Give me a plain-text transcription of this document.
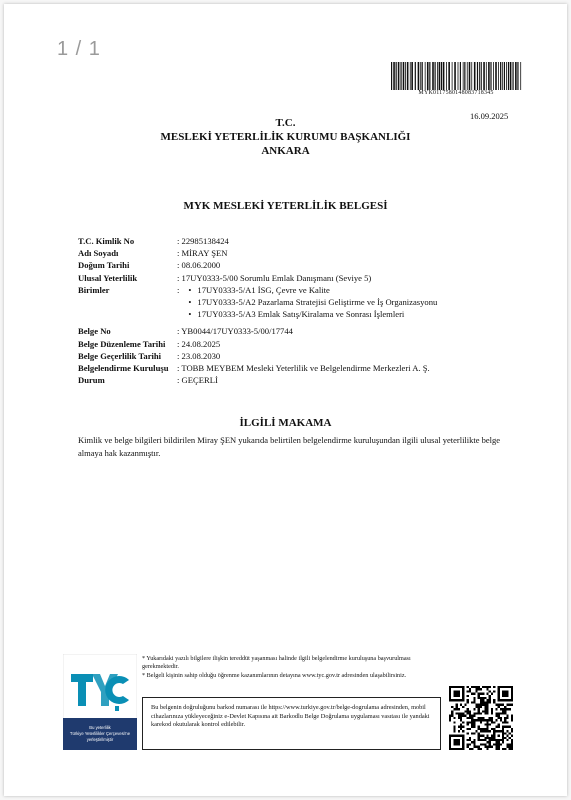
1 / 1
MYK0117580148083718345
16.09.2025
T.C.
MESLEKİ YETERLİLİK KURUMU BAŞKANLIĞI
ANKARA
MYK MESLEKİ YETERLİLİK BELGESİ
T.C. Kimlik No	: 22985138424
Adı Soyadı	: MİRAY ŞEN
Doğum Tarihi	: 08.06.2000
Ulusal Yeterlilik	: 17UY0333-5/00 Sorumlu Emlak Danışmanı (Seviye 5)
Birimler	:
• 17UY0333-5/A1 İSG, Çevre ve Kalite
• 17UY0333-5/A2 Pazarlama Stratejisi Geliştirme ve İş Organizasyonu
• 17UY0333-5/A3 Emlak Satış/Kiralama ve Sonrası İşlemleri
Belge No	: YB0044/17UY0333-5/00/17744
Belge Düzenleme Tarihi	: 24.08.2025
Belge Geçerlilik Tarihi	: 23.08.2030
Belgelendirme Kuruluşu : TOBB MEYBEM Mesleki Yeterlilik ve Belgelendirme Merkezleri A. Ş.
Durum	: GEÇERLİ
İLGİLİ MAKAMA
Kimlik ve belge bilgileri bildirilen Miray ŞEN yukarıda belirtilen belgelendirme kuruluşundan ilgili ulusal yeterlilikte belge almaya hak kazanmıştır.
Bu yeterlilik
Türkiye Yeterlilikler Çerçevesi'ne
yerleştirilmiştir
* Yukarıdaki yazılı bilgilere ilişkin tereddüt yaşanması halinde ilgili belgelendirme kuruluşuna başvurulması gerekmektedir.
* Belgeli kişinin sahip olduğu öğrenme kazanımlarının detayına www.tyc.gov.tr adresinden ulaşabilirsiniz.
Bu belgenin doğruluğunu barkod numarası ile https://www.turkiye.gov.tr/belge-dogrulama adresinden, mobil cihazlarınıza yükleyeceğiniz e-Devlet Kapısına ait Barkodlu Belge Doğrulama uygulaması vasıtası ile yandaki karekod okutularak kontrol edilebilir.
